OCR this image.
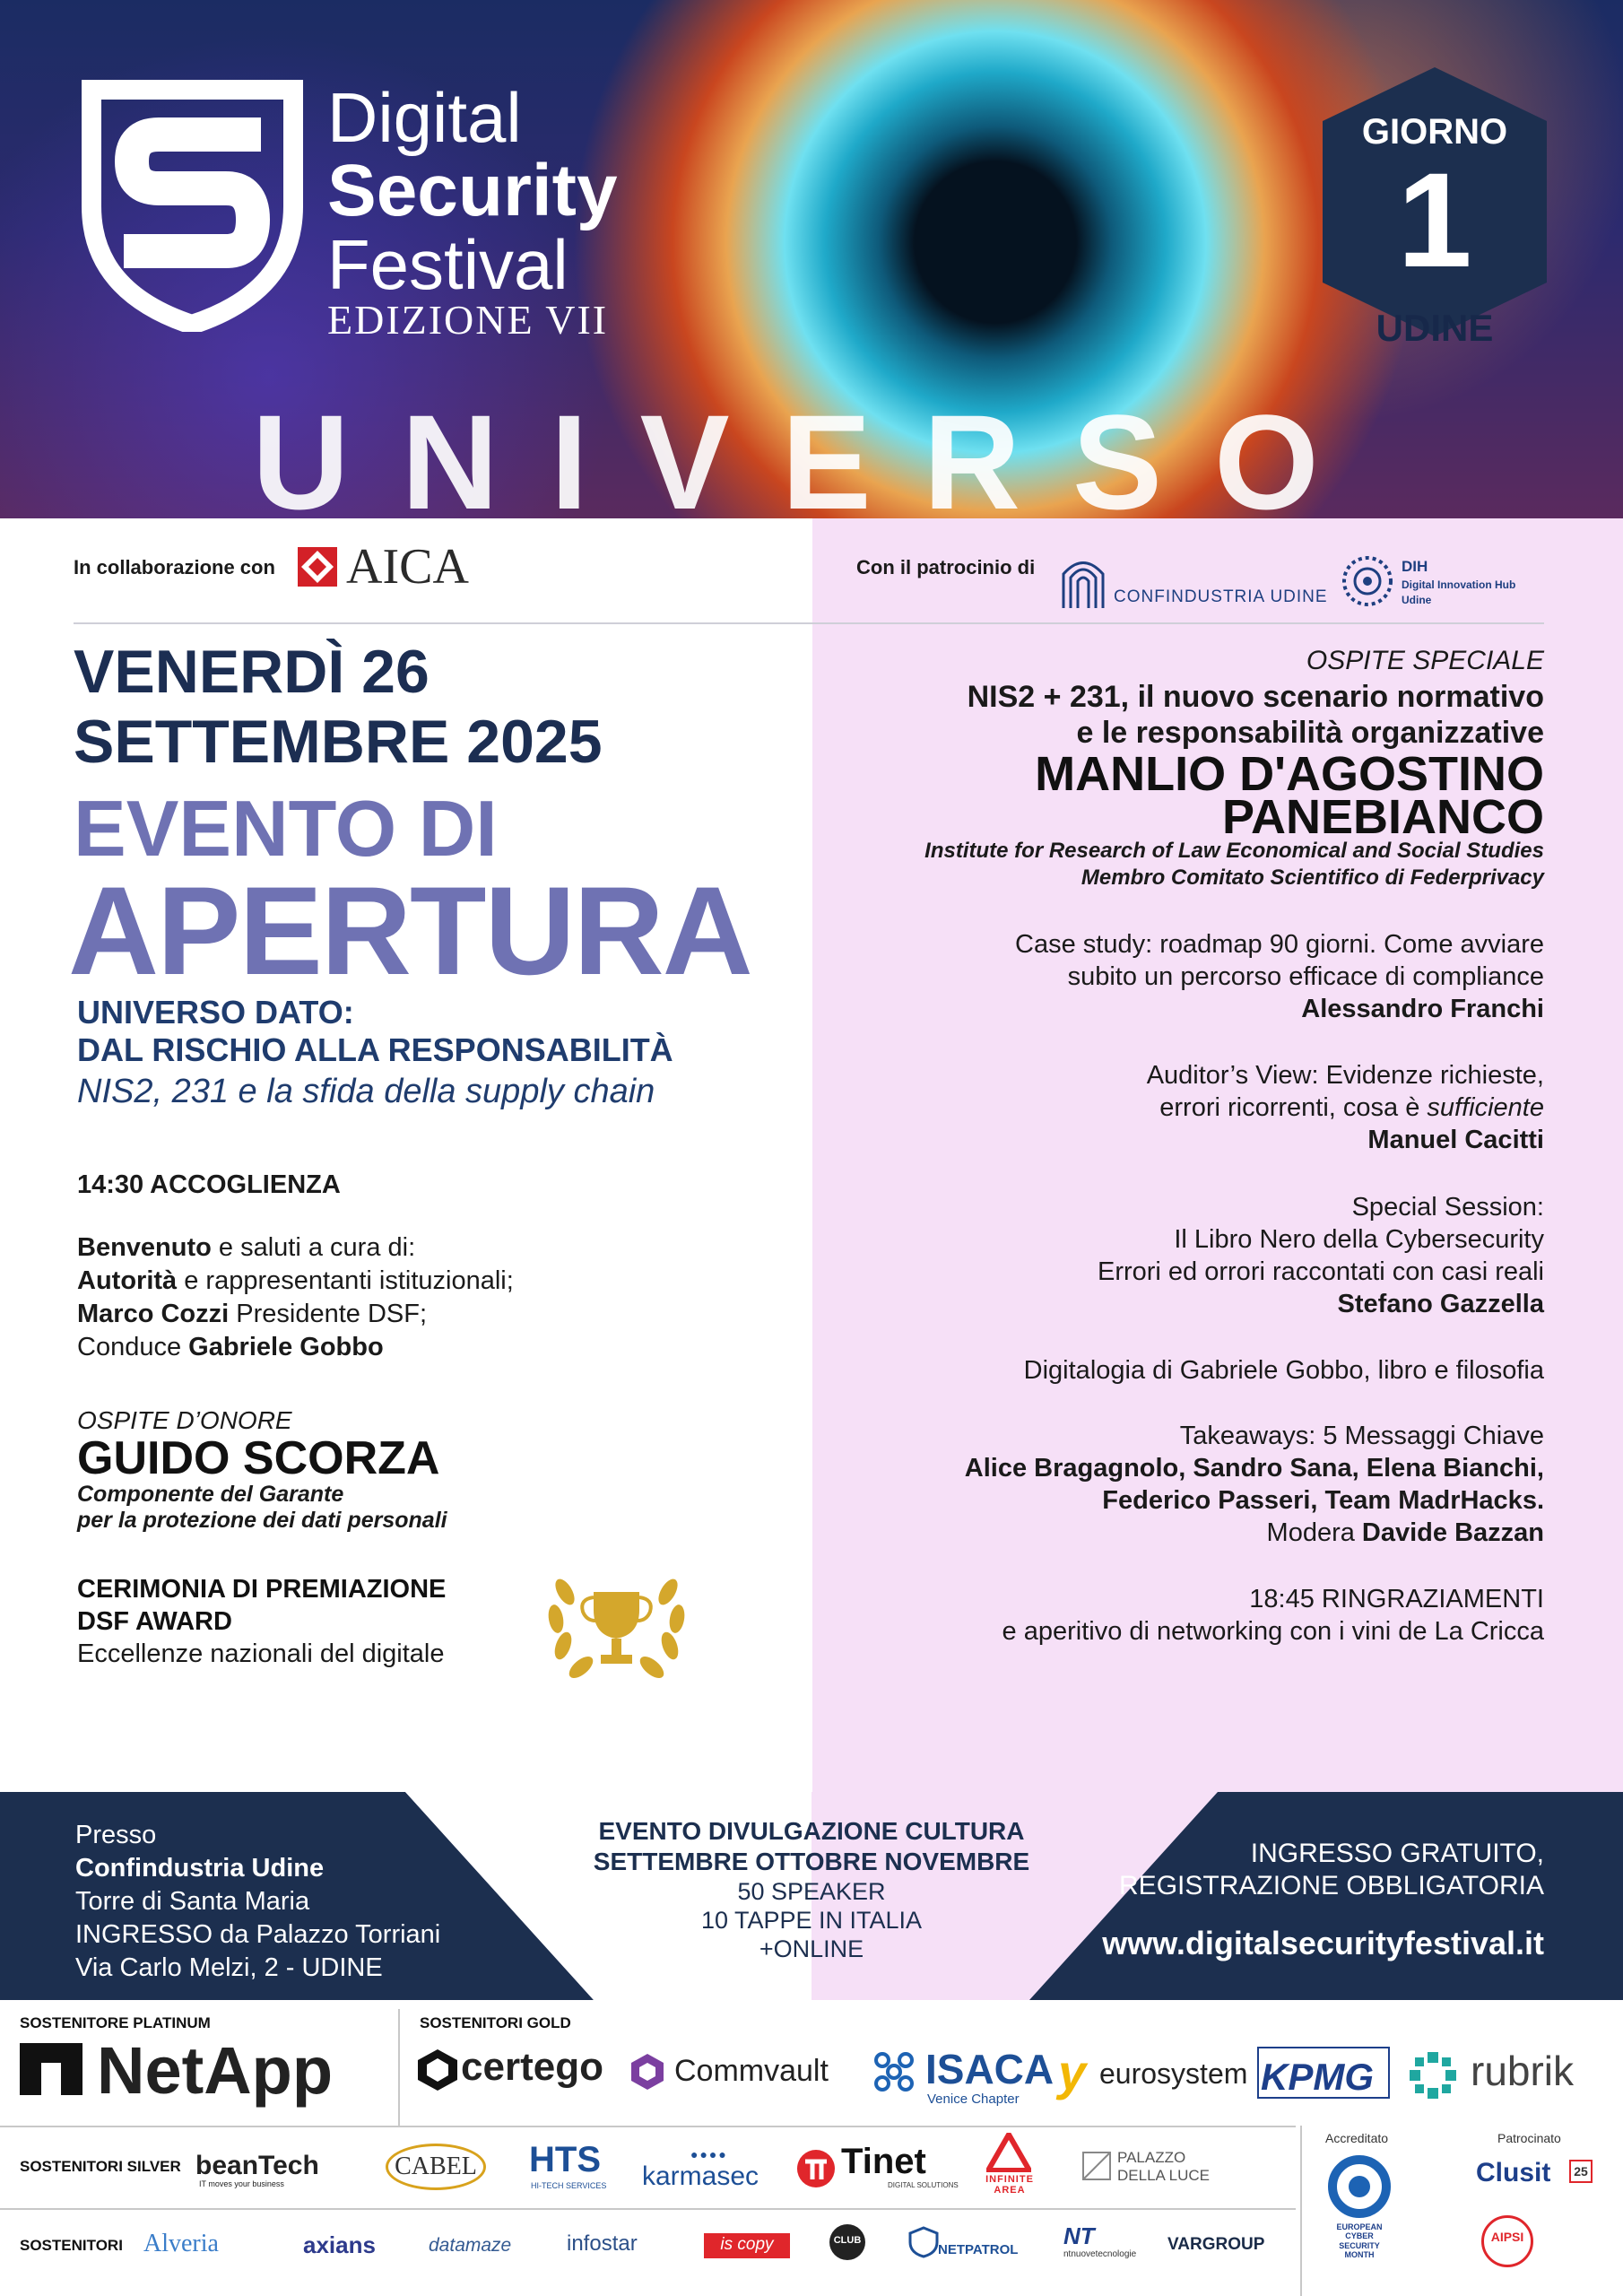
Digital
Security
Festival
EDIZIONE VII
GIORNO
1
UDINE
UNIVERSO
In collaborazione con AICA	Con il patrocinio di
CONFINDUSTRIA UDINE
DIH
Digital Innovation Hub
Udine
VENERDÌ 26
SETTEMBRE 2025
EVENTO DI
APERTURA
UNIVERSO DATO:
DAL RISCHIO ALLA RESPONSABILITÀ
NIS2, 231 e la sfida della supply chain
14:30 ACCOGLIENZA
Benvenuto e saluti a cura di:
Autorità e rappresentanti istituzionali;
Marco Cozzi Presidente DSF;
Conduce Gabriele Gobbo
OSPITE D’ONORE
GUIDO SCORZA
Componente del Garante
per la protezione dei dati personali
CERIMONIA DI PREMIAZIONE
DSF AWARD
Eccellenze nazionali del digitale
OSPITE SPECIALE
NIS2 + 231, il nuovo scenario normativo
e le responsabilità organizzative
MANLIO D'AGOSTINO
PANEBIANCO
Institute for Research of Law Economical and Social Studies
Membro Comitato Scientifico di Federprivacy
Case study: roadmap 90 giorni. Come avviare
subito un percorso efficace di compliance
Alessandro Franchi
Auditor’s View: Evidenze richieste,
errori ricorrenti, cosa è sufficiente
Manuel Cacitti
Special Session:
Il Libro Nero della Cybersecurity
Errori ed orrori raccontati con casi reali
Stefano Gazzella
Digitalogia di Gabriele Gobbo, libro e filosofia
Takeaways: 5 Messaggi Chiave
Alice Bragagnolo, Sandro Sana, Elena Bianchi,
Federico Passeri, Team MadrHacks.
Modera Davide Bazzan
18:45 RINGRAZIAMENTI
e aperitivo di networking con i vini de La Cricca
Presso
Confindustria Udine
Torre di Santa Maria
INGRESSO da Palazzo Torriani
Via Carlo Melzi, 2 - UDINE
EVENTO DIVULGAZIONE CULTURA
SETTEMBRE OTTOBRE NOVEMBRE
50 SPEAKER
10 TAPPE IN ITALIA
+ONLINE
INGRESSO GRATUITO,
REGISTRAZIONE OBBLIGATORIA
www.digitalsecurityfestival.it
SOSTENITORE PLATINUM
NetApp
SOSTENITORI GOLD
certego Commvault ISACA
Venice Chapter y eurosystem KPMG rubrik
SOSTENITORI SILVER beanTech
IT moves your business
CABEL HTS
HI-TECH SERVICES
●●●●
karmasec Tinet
DIGITAL SOLUTIONS
INFINITE AREA
PALAZZO DELLA LUCE
SOSTENITORI Alveria	axians	datamaze	infostar	is copy	CLUB
NETPATROL
NT
ntnuovetecnologie
VARGROUP
Accreditato
EUROPEAN
CYBER
SECURITY
MONTH
Patrocinato
Clusit	25
AIPSI
